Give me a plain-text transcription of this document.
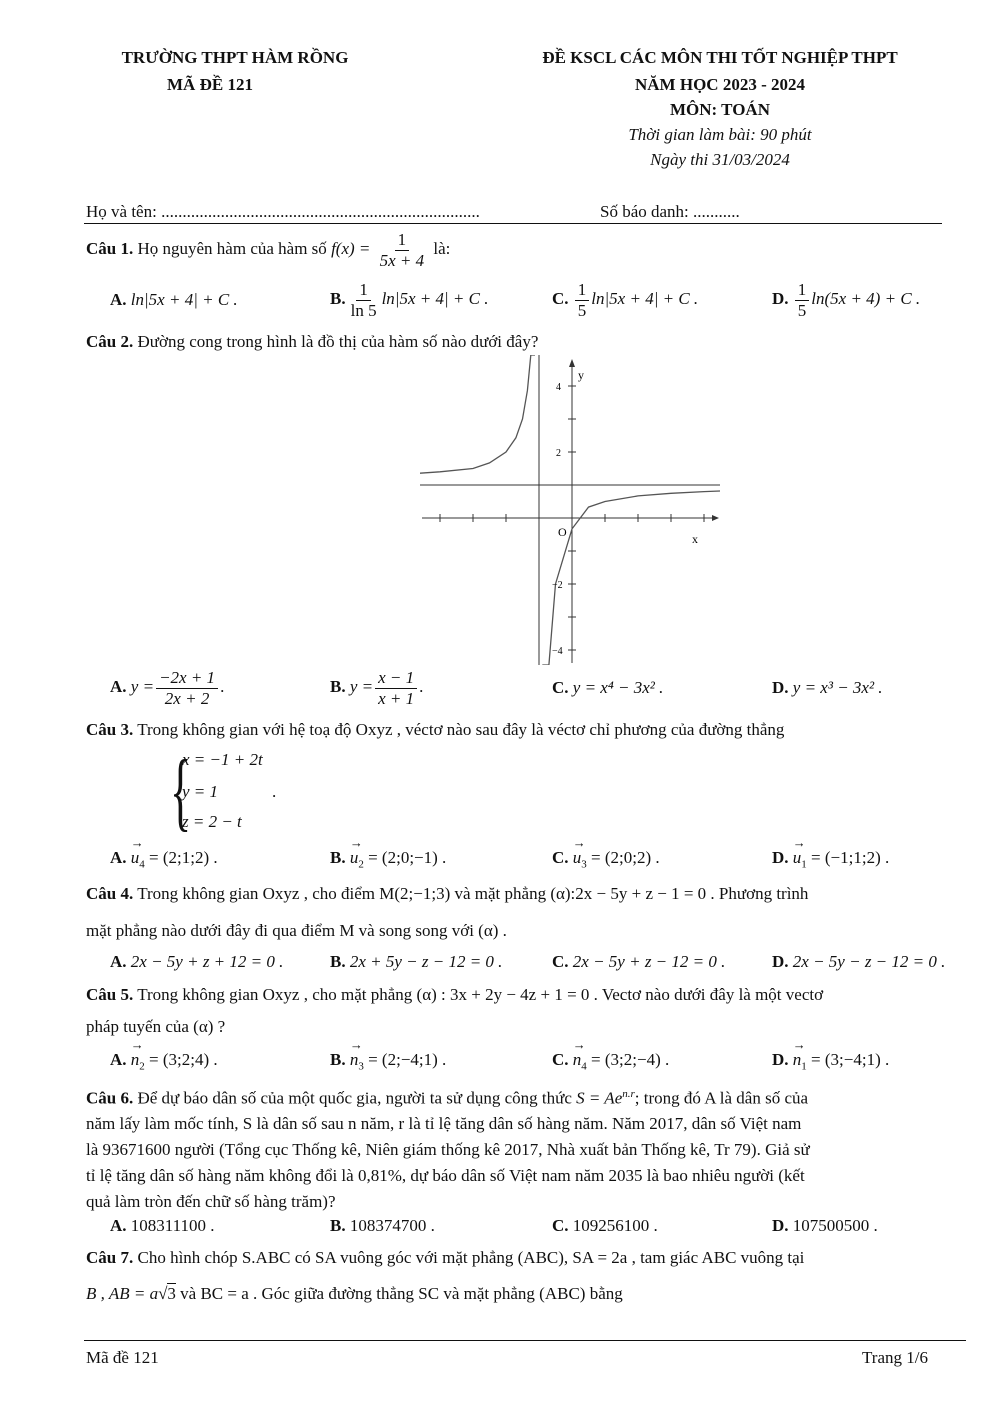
TRƯỜNG THPT HÀM RỒNG
MÃ ĐỀ 121
ĐỀ KSCL CÁC MÔN THI TỐT NGHIỆP THPT
NĂM HỌC 2023 - 2024
MÔN: TOÁN
Thời gian làm bài: 90 phút
Ngày thi 31/03/2024
Họ và tên: ...........................................................................	Số báo danh: ...........
Câu 1. Họ nguyên hàm của hàm số $f(x) = \frac{1}{5x + 4}$ là:
A. ln|5x + 4| + C .	B. $\frac{1}{\ln 5} \ln|5x + 4| + C$ .	C. $\frac{1}{5} \ln|5x + 4| + C$ .	D. $\frac{1}{5} \ln(5x + 4) + C$ .
Câu 2. Đường cong trong hình là đồ thị của hàm số nào dưới đây?
y
x
O
4
2
−2
−4
A. $y = \frac{-2x + 1}{2x + 2}$ .	B. $y = \frac{x - 1}{x + 1}$ .	C. y = x⁴ − 3x² .	D. y = x³ − 3x² .
Câu 3. Trong không gian với hệ toạ độ Oxyz , véctơ nào sau đây là véctơ chỉ phương của đường thẳng
{
x = −1 + 2t
y = 1
z = 2 − t
.
A. → $u_4$ = (2;1;2) .	B. → $u_2$ = (2;0;−1) .	C. → $u_3$ = (2;0;2) .	D. → $u_1$ = (−1;1;2) .
Câu 4. Trong không gian Oxyz , cho điểm M(2;−1;3) và mặt phẳng (α):2x − 5y + z − 1 = 0 . Phương trình
mặt phẳng nào dưới đây đi qua điểm M và song song với (α) .
A. 2x − 5y + z + 12 = 0 .	B. 2x + 5y − z − 12 = 0 .	C. 2x − 5y + z − 12 = 0 .	D. 2x − 5y − z − 12 = 0 .
Câu 5. Trong không gian Oxyz , cho mặt phẳng (α) : 3x + 2y − 4z + 1 = 0 . Vectơ nào dưới đây là một vectơ
pháp tuyến của (α) ?
A. → $n_2$ = (3;2;4) .	B. → $n_3$ = (2;−4;1) .	C. → $n_4$ = (3;2;−4) .	D. → $n_1$ = (3;−4;1) .
Câu 6. Để dự báo dân số của một quốc gia, người ta sử dụng công thức $S = Ae^{n.r}$; trong đó A là dân số của
năm lấy làm mốc tính, S là dân số sau n năm, r là tỉ lệ tăng dân số hàng năm. Năm 2017, dân số Việt nam
là 93671600 người (Tổng cục Thống kê, Niên giám thống kê 2017, Nhà xuất bản Thống kê, Tr 79). Giả sử
tỉ lệ tăng dân số hàng năm không đổi là 0,81%, dự báo dân số Việt nam năm 2035 là bao nhiêu người (kết
quả làm tròn đến chữ số hàng trăm)?
A. 108311100 .	B. 108374700 .	C. 109256100 .	D. 107500500 .
Câu 7. Cho hình chóp S.ABC có SA vuông góc với mặt phẳng (ABC), SA = 2a , tam giác ABC vuông tại
B , AB = a√3 và BC = a . Góc giữa đường thẳng SC và mặt phẳng (ABC) bằng
Mã đề 121	Trang 1/6
